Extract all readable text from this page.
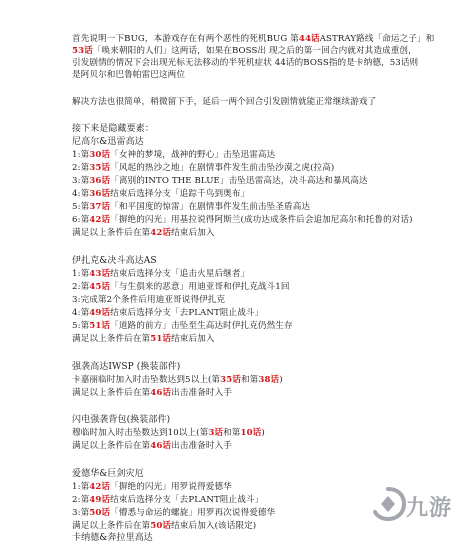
首先说明一下BUG，本游戏存在有两个恶性的死机BUG 第44话ASTRAY路线「命运之子」和
53话「唤来朝阳的人们」这两话，如果在BOSS出 现之后的第一回合内就对其造成重创，
引发剧情的情况下会出现光标无法移动的半死机症状 44话的BOSS指的是卡纳德，53话则
是阿贝尔和巴鲁帕雷巴这两位
解决方法也很简单，稍微留下手，延后一两个回合引发剧情就能正常继续游戏了
接下来是隐藏要素：
尼高尔&迅雷高达
1:第30话「女神的梦境，战神的野心」击坠迅雷高达
2:第35话「风起的热沙之地」在剧情事件发生前击坠沙漠之虎(拉高)
3:第36话「离别的INTO THE BLUE」击坠迅雷高达，决斗高达和暴风高达
4:第36话结束后选择分支「追踪千鸟到奥布」
5:第37话「和平国度的惊雷」在剧情事件发生前击坠圣盾高达
6:第42话「摒绝的闪光」用基拉说得阿斯兰(成功达成条件后会追加尼高尔和托鲁的对话)
满足以上条件后在第42话结束后加入
伊扎克&决斗高达AS
1:第43话结束后选择分支「追击火星后继者」
2:第45话「与生俱来的恶意」用迪亚哥和伊扎克战斗1回
3:完成第2个条件后用迪亚哥说得伊扎克
4:第49话结束后选择分支「去PLANT阻止战斗」
5:第51话「道路的前方」击坠至生高达时伊扎克仍然生存
满足以上条件后在第51话结束后加入
强袭高达IWSP (换装部件)
卡嘉丽临时加入时击坠数达到5以上(第35话和第38话)
满足以上条件后在第46话出击准备时入手
闪电强袭背包(换装部件)
穆临时加入时击坠数达到10以上(第3话和第10话)
满足以上条件后在第46话出击准备时入手
爱德华&巨剑灾厄
1:第42话「摒绝的闪光」用罗说得爱德华
2:第49话结束后选择分支「去PLANT阻止战斗」
3:第50话「懵悉与命运的螺旋」用罗再次说得爱德华
满足以上条件后在第50话结束后加入(该话限定)
卡纳德&奔拉里高达
九游
